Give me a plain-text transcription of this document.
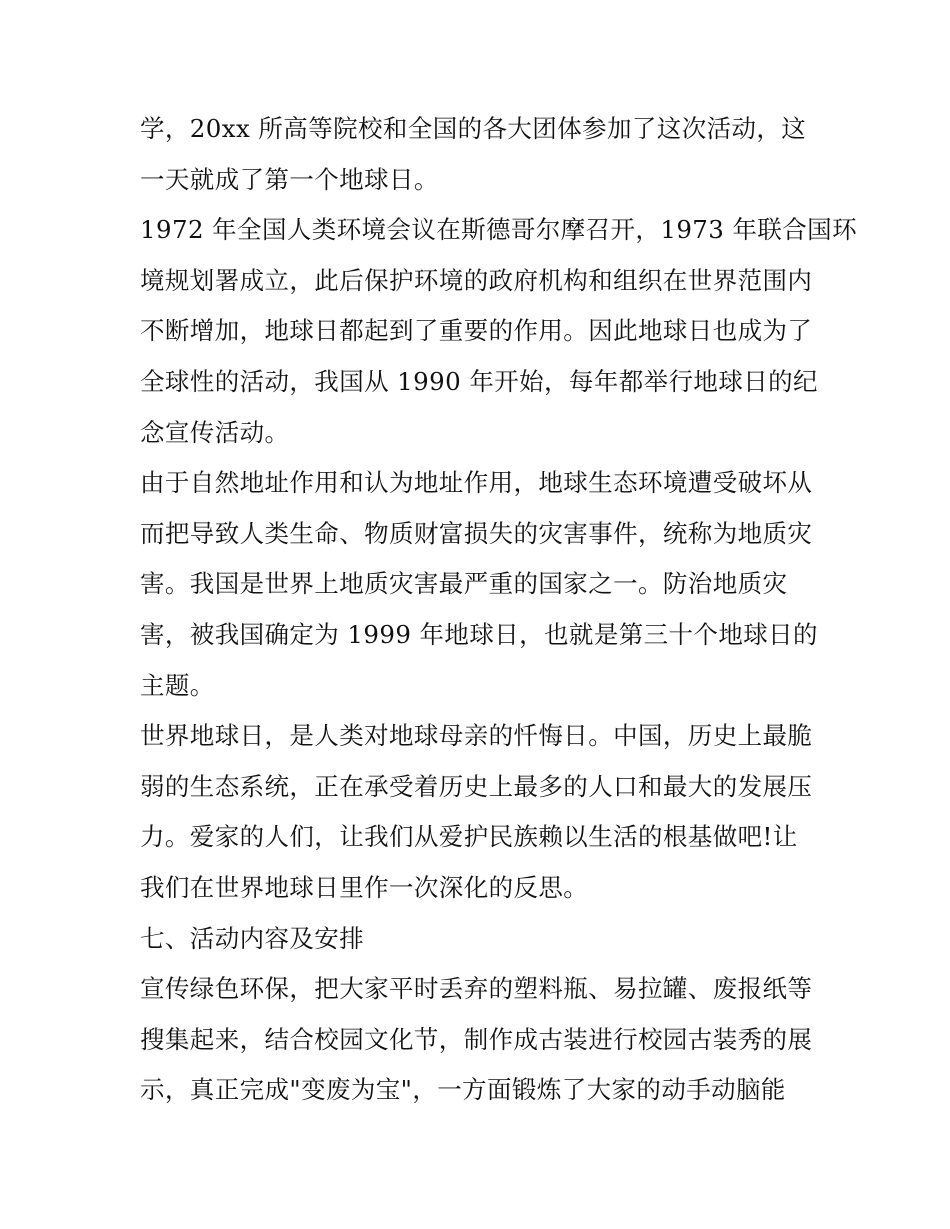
学，20xx 所高等院校和全国的各大团体参加了这次活动，这
一天就成了第一个地球日。
1972 年全国人类环境会议在斯德哥尔摩召开，1973 年联合国环
境规划署成立，此后保护环境的政府机构和组织在世界范围内
不断增加，地球日都起到了重要的作用。因此地球日也成为了
全球性的活动，我国从 1990 年开始，每年都举行地球日的纪
念宣传活动。
由于自然地址作用和认为地址作用，地球生态环境遭受破坏从
而把导致人类生命、物质财富损失的灾害事件，统称为地质灾
害。我国是世界上地质灾害最严重的国家之一。防治地质灾
害，被我国确定为 1999 年地球日，也就是第三十个地球日的
主题。
世界地球日，是人类对地球母亲的忏悔日。中国，历史上最脆
弱的生态系统，正在承受着历史上最多的人口和最大的发展压
力。爱家的人们，让我们从爱护民族赖以生活的根基做吧!让
我们在世界地球日里作一次深化的反思。
七、活动内容及安排
宣传绿色环保，把大家平时丢弃的塑料瓶、易拉罐、废报纸等
搜集起来，结合校园文化节，制作成古装进行校园古装秀的展
示，真正完成"变废为宝"，一方面锻炼了大家的动手动脑能
